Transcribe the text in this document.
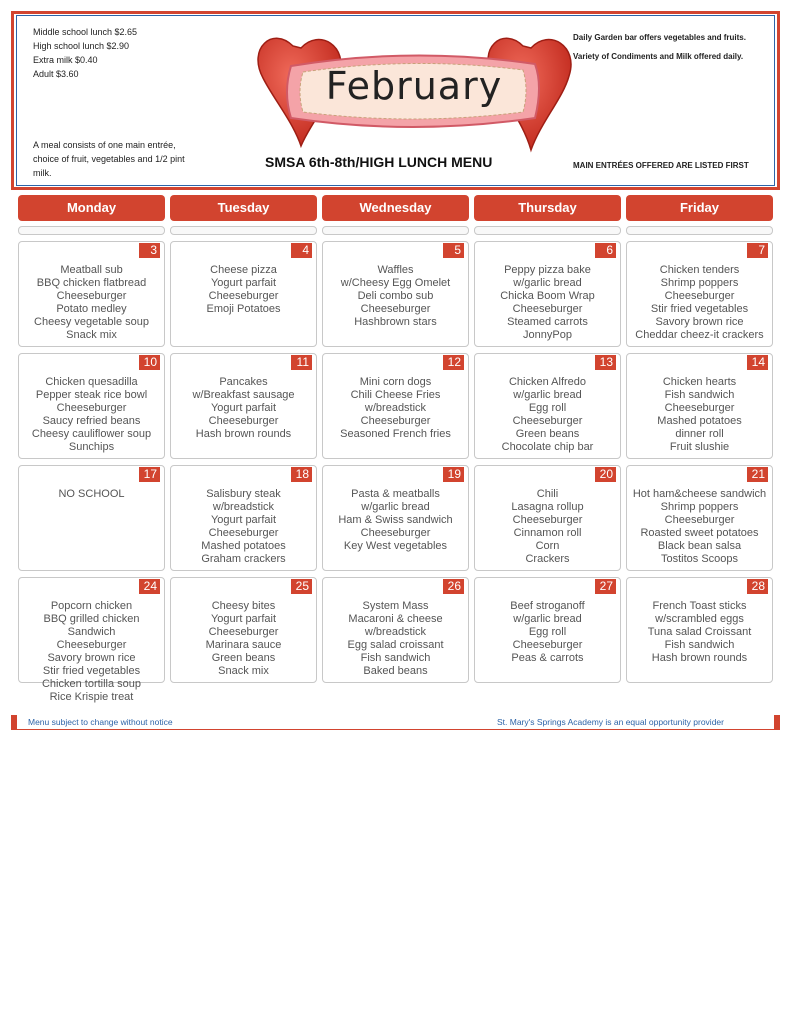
Middle school lunch $2.65
High school lunch $2.90
Extra milk $0.40
Adult $3.60
A meal consists of one main entrée, choice of fruit, vegetables and 1/2 pint milk.
February
SMSA 6th-8th/HIGH LUNCH MENU
Daily Garden bar offers vegetables and fruits.
Variety of Condiments and Milk offered daily.
MAIN ENTRÉES OFFERED ARE LISTED FIRST
Monday	Tuesday	Wednesday	Thursday	Friday
3
Meatball sub
BBQ chicken flatbread
Cheeseburger
Potato medley
Cheesy vegetable soup
Snack mix
4
Cheese pizza
Yogurt parfait
Cheeseburger
Emoji Potatoes
5
Waffles
w/Cheesy Egg Omelet
Deli combo sub
Cheeseburger
Hashbrown stars
6
Peppy pizza bake
w/garlic bread
Chicka Boom Wrap
Cheeseburger
Steamed carrots
JonnyPop
7
Chicken tenders
Shrimp poppers
Cheeseburger
Stir fried vegetables
Savory brown rice
Cheddar cheez-it crackers
10
Chicken quesadilla
Pepper steak rice bowl
Cheeseburger
Saucy refried beans
Cheesy cauliflower soup
Sunchips
11
Pancakes
w/Breakfast sausage
Yogurt parfait
Cheeseburger
Hash brown rounds
12
Mini corn dogs
Chili Cheese Fries
w/breadstick
Cheeseburger
Seasoned French fries
13
Chicken Alfredo
w/garlic bread
Egg roll
Cheeseburger
Green beans
Chocolate chip bar
14
Chicken hearts
Fish sandwich
Cheeseburger
Mashed potatoes
dinner roll
Fruit slushie
17
NO SCHOOL
18
Salisbury steak
w/breadstick
Yogurt parfait
Cheeseburger
Mashed potatoes
Graham crackers
19
Pasta & meatballs
w/garlic bread
Ham & Swiss sandwich
Cheeseburger
Key West vegetables
20
Chili
Lasagna rollup
Cheeseburger
Cinnamon roll
Corn
Crackers
21
Hot ham&cheese sandwich
Shrimp poppers
Cheeseburger
Roasted sweet potatoes
Black bean salsa
Tostitos Scoops
24
Popcorn chicken
BBQ grilled chicken
Sandwich
Cheeseburger
Savory brown rice
Stir fried vegetables
Chicken tortilla soup
Rice Krispie treat
25
Cheesy bites
Yogurt parfait
Cheeseburger
Marinara sauce
Green beans
Snack mix
26
System Mass
Macaroni & cheese
w/breadstick
Egg salad croissant
Fish sandwich
Baked beans
27
Beef stroganoff
w/garlic bread
Egg roll
Cheeseburger
Peas & carrots
28
French Toast sticks
w/scrambled eggs
Tuna salad Croissant
Fish sandwich
Hash brown rounds
Menu subject to change without notice	St. Mary's Springs Academy is an equal opportunity provider
